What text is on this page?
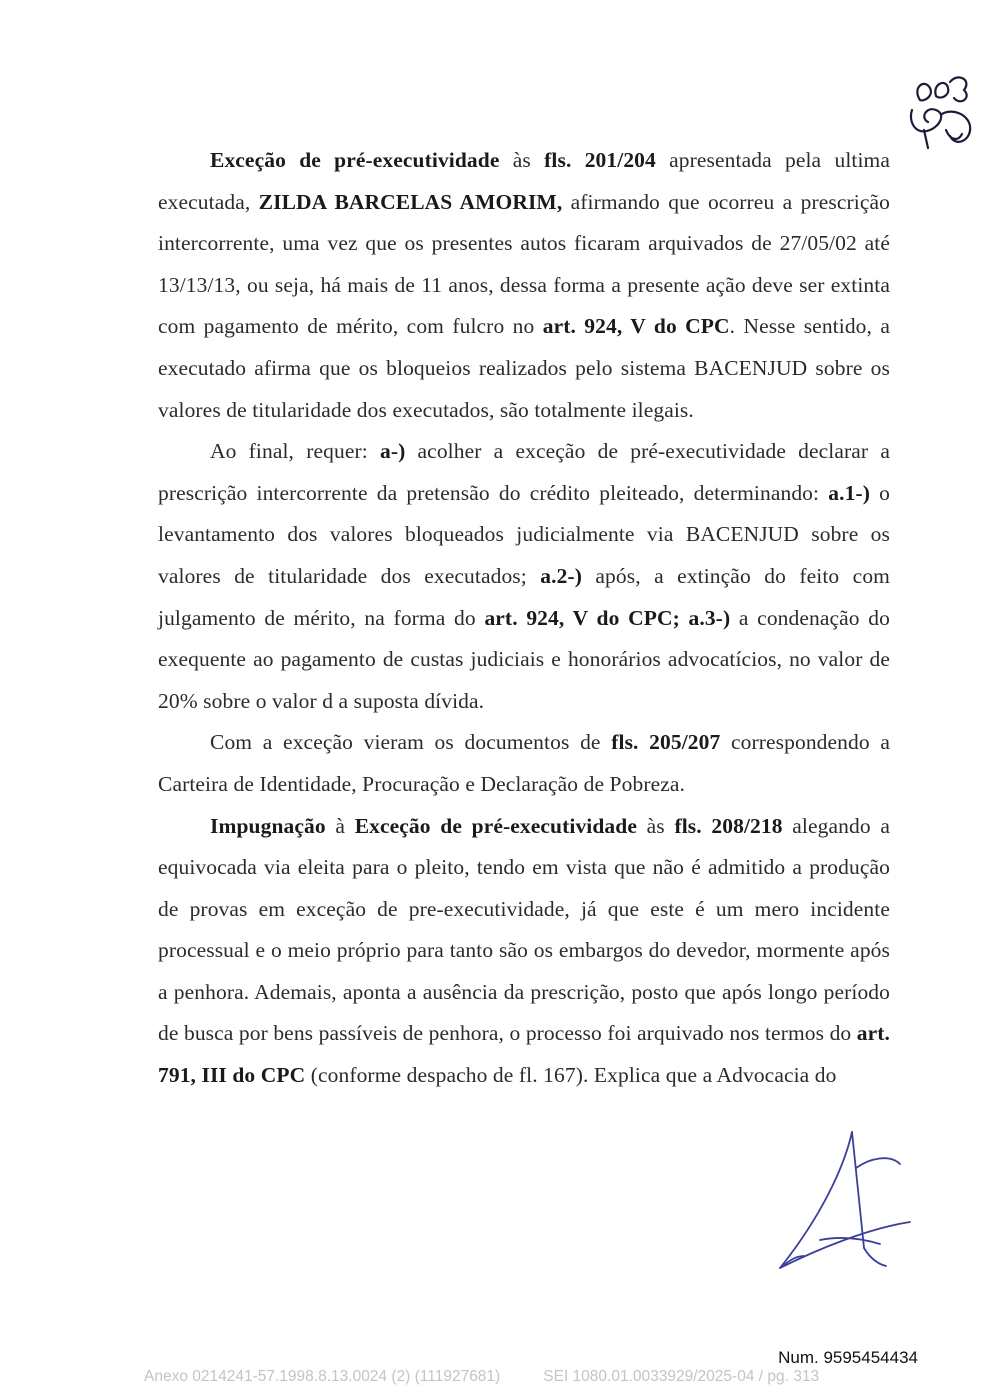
Exceção de pré-executividade às fls. 201/204 apresentada pela ultima executada, ZILDA BARCELAS AMORIM, afirmando que ocorreu a prescrição intercorrente, uma vez que os presentes autos ficaram arquivados de 27/05/02 até 13/13/13, ou seja, há mais de 11 anos, dessa forma a presente ação deve ser extinta com pagamento de mérito, com fulcro no art. 924, V do CPC. Nesse sentido, a executado afirma que os bloqueios realizados pelo sistema BACENJUD sobre os valores de titularidade dos executados, são totalmente ilegais.

Ao final, requer: a-) acolher a exceção de pré-executividade declarar a prescrição intercorrente da pretensão do crédito pleiteado, determinando: a.1-) o levantamento dos valores bloqueados judicialmente via BACENJUD sobre os valores de titularidade dos executados; a.2-) após, a extinção do feito com julgamento de mérito, na forma do art. 924, V do CPC; a.3-) a condenação do exequente ao pagamento de custas judiciais e honorários advocatícios, no valor de 20% sobre o valor d a suposta dívida.

Com a exceção vieram os documentos de fls. 205/207 correspondendo a Carteira de Identidade, Procuração e Declaração de Pobreza.

Impugnação à Exceção de pré-executividade às fls. 208/218 alegando a equivocada via eleita para o pleito, tendo em vista que não é admitido a produção de provas em exceção de pre-executividade, já que este é um mero incidente processual e o meio próprio para tanto são os embargos do devedor, mormente após a penhora. Ademais, aponta a ausência da prescrição, posto que após longo período de busca por bens passíveis de penhora, o processo foi arquivado nos termos do art. 791, III do CPC (conforme despacho de fl. 167). Explica que a Advocacia do

Num. 9595454434
Anexo 0214241-57.1998.8.13.0024 (2) (111927681)          SEI 1080.01.0033929/2025-04 / pg. 313
